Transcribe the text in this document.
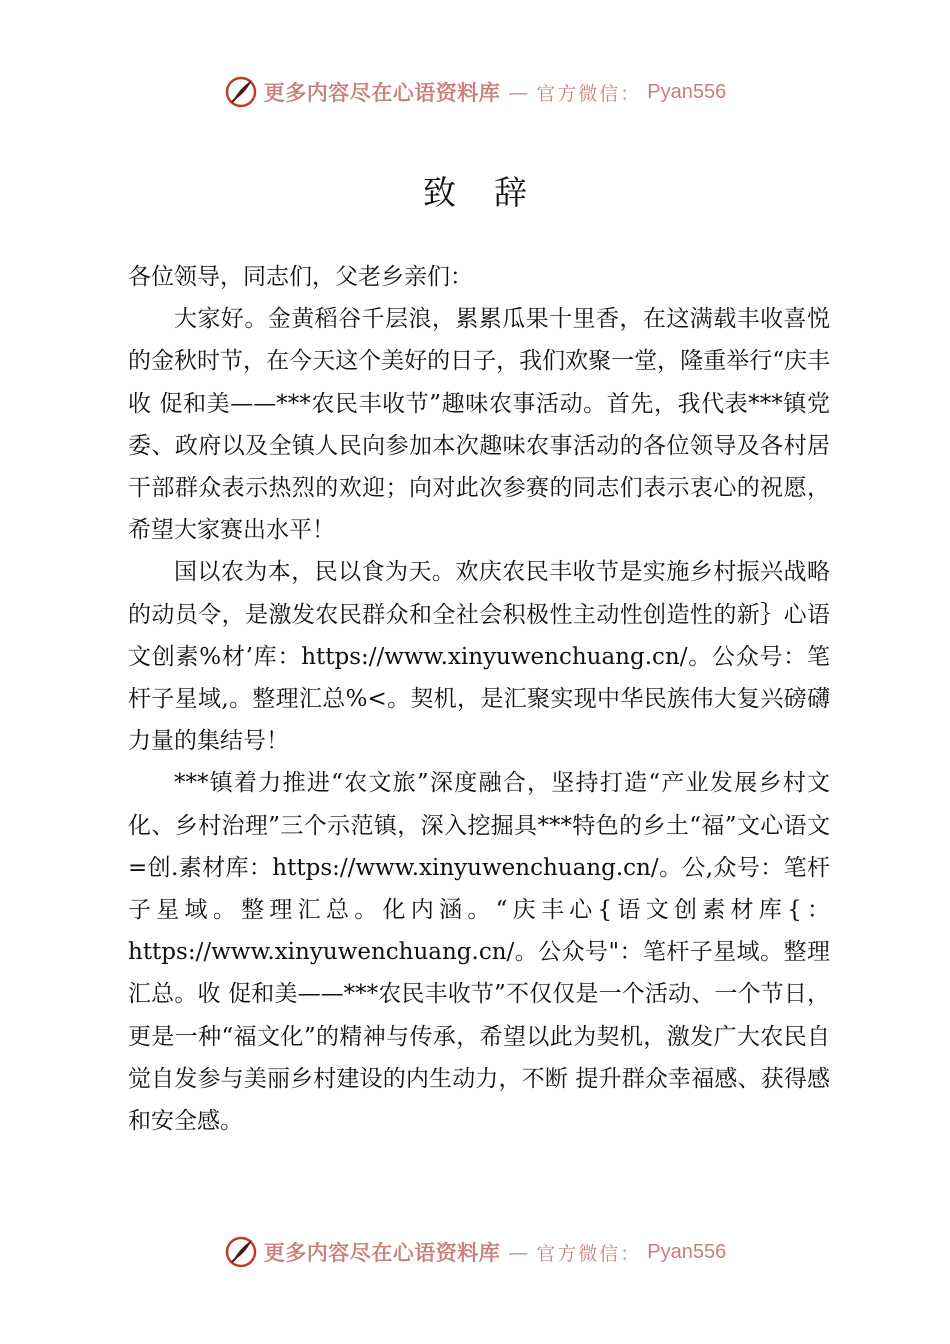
更多内容尽在心语资料库 — 官方微信： Pyan556
致辞

各位领导，同志们，父老乡亲们：

大家好。金黄稻谷千层浪，累累瓜果十里香，在这满载丰收喜悦的金秋时节，在今天这个美好的日子，我们欢聚一堂，隆重举行“庆丰收 促和美——***农民丰收节”趣味农事活动。首先，我代表***镇党委、政府以及全镇人民向参加本次趣味农事活动的各位领导及各村居干部群众表示热烈的欢迎；向对此次参赛的同志们表示衷心的祝愿，希望大家赛出水平！

国以农为本，民以食为天。欢庆农民丰收节是实施乡村振兴战略的动员令，是激发农民群众和全社会积极性主动性创造性的新｝心语文创素%材’库：https://www.xinyuwenchuang.cn/。公众号：笔杆子星域,。整理汇总%<。契机，是汇聚实现中华民族伟大复兴磅礴力量的集结号！

***镇着力推进“农文旅”深度融合，坚持打造“产业发展乡村文化、乡村治理”三个示范镇，深入挖掘具***特色的乡土“福”文心语文=创.素材库：https://www.xinyuwenchuang.cn/。公,众号：笔杆子星域。整理汇总。化内涵。“庆丰心{语文创素材库{：https://www.xinyuwenchuang.cn/。公众号"：笔杆子星域。整理汇总。收 促和美——***农民丰收节”不仅仅是一个活动、一个节日，更是一种“福文化”的精神与传承，希望以此为契机，激发广大农民自觉自发参与美丽乡村建设的内生动力，不断 提升群众幸福感、获得感和安全感。

更多内容尽在心语资料库 — 官方微信： Pyan556
